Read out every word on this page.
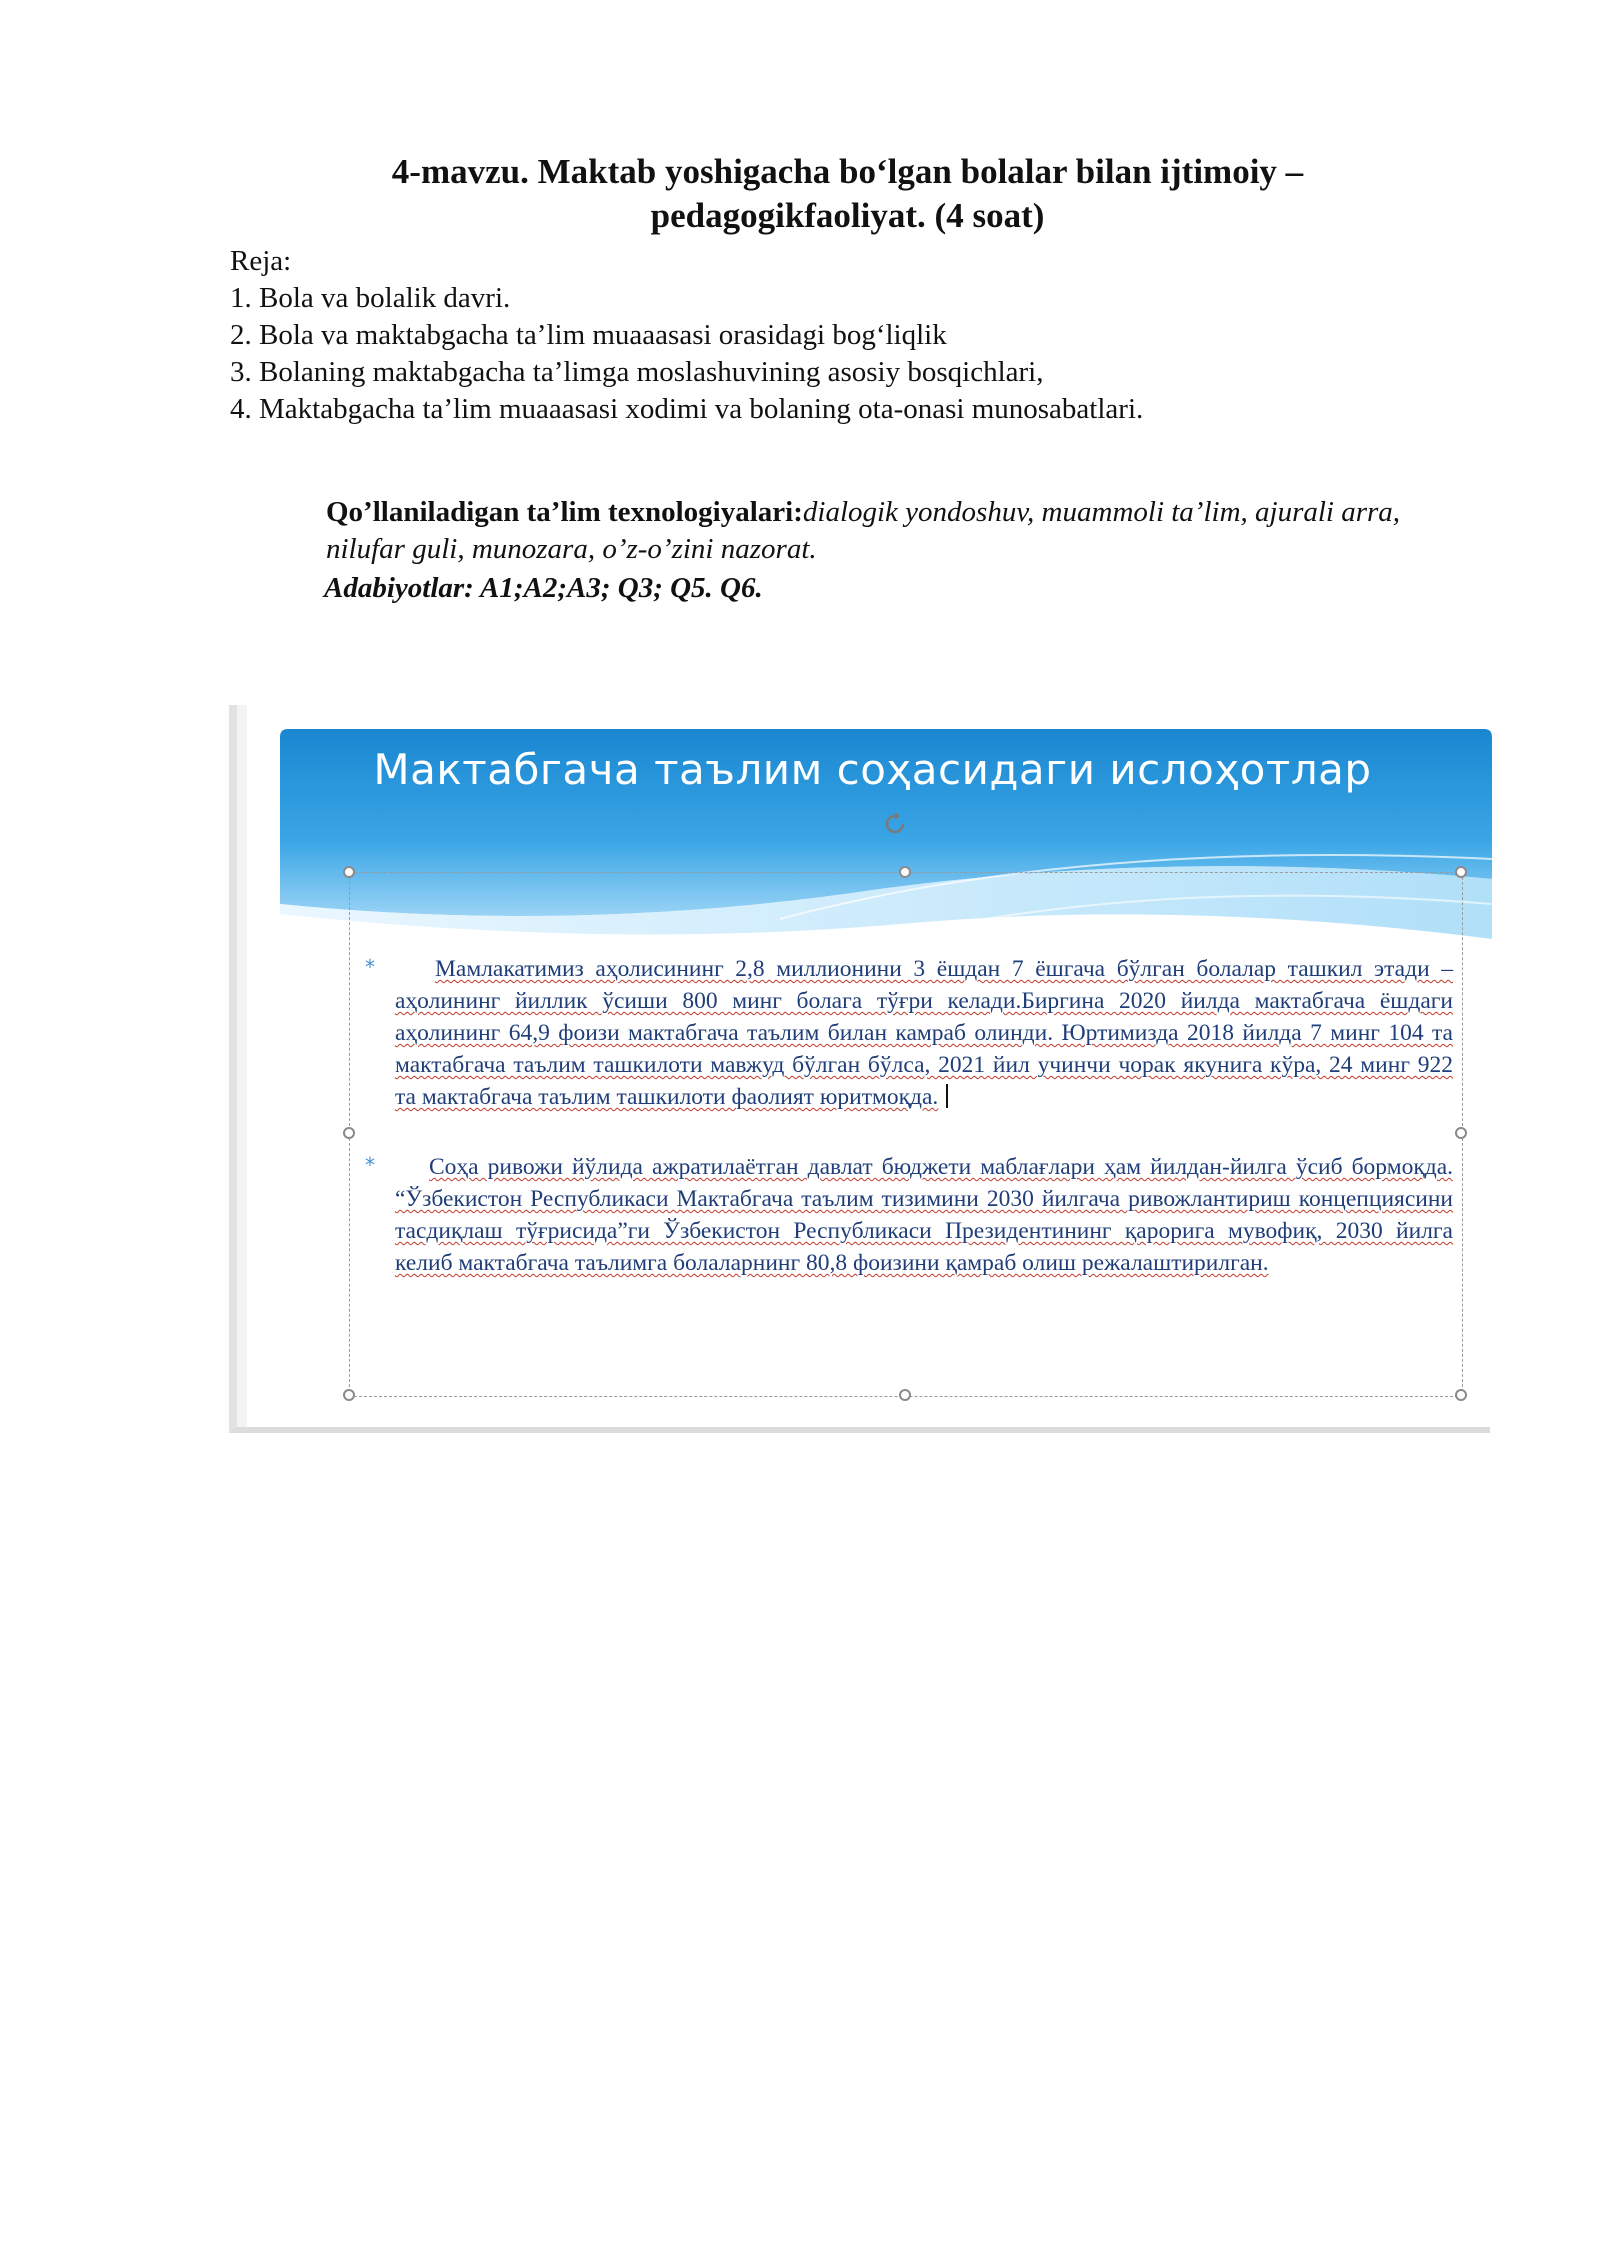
4-mavzu. Maktab yoshigacha bo‘lgan bolalar bilan ijtimoiy –
pedagogikfaoliyat. (4 soat)
Reja:
1. Bola va bolalik davri.
2. Bola va maktabgacha ta’lim muaaasasi orasidagi bog‘liqlik
3. Bolaning maktabgacha ta’limga moslashuvining asosiy bosqichlari,
4. Maktabgacha ta’lim muaaasasi xodimi va bolaning ota-onasi munosabatlari.
Qo’llaniladigan ta’lim texnologiyalari:dialogik yondoshuv, muammoli ta’lim, ajurali arra, nilufar guli, munozara, o’z-o’zini nazorat.
Adabiyotlar: A1;A2;A3; Q3; Q5. Q6.
Мактабгача таълим соҳасидаги ислоҳотлар
*	Мамлакатимиз аҳолисининг 2,8 миллионини 3 ёшдан 7 ёшгача бўлган болалар ташкил этади – аҳолининг йиллик ўсиши 800 минг болага тўғри келади.Биргина 2020 йилда мактабгача ёшдаги аҳолининг 64,9 фоизи мактабгача таълим билан камраб олинди. Юртимизда 2018 йилда 7 минг 104 та мактабгача таълим ташкилоти мавжуд бўлган бўлса, 2021 йил учинчи чорак якунига кўра, 24 минг 922 та мактабгача таълим ташкилоти фаолият юритмоқда.
*	Соҳа ривожи йўлида ажратилаётган давлат бюджети маблағлари ҳам йилдан-йилга ўсиб бормоқда. “Ўзбекистон Республикаси Мактабгача таълим тизимини 2030 йилгача ривожлантириш концепциясини тасдиқлаш тўғрисида”ги Ўзбекистон Республикаси Президентининг қарорига мувофиқ, 2030 йилга келиб мактабгача таълимга болаларнинг 80,8 фоизини қамраб олиш режалаштирилган.
